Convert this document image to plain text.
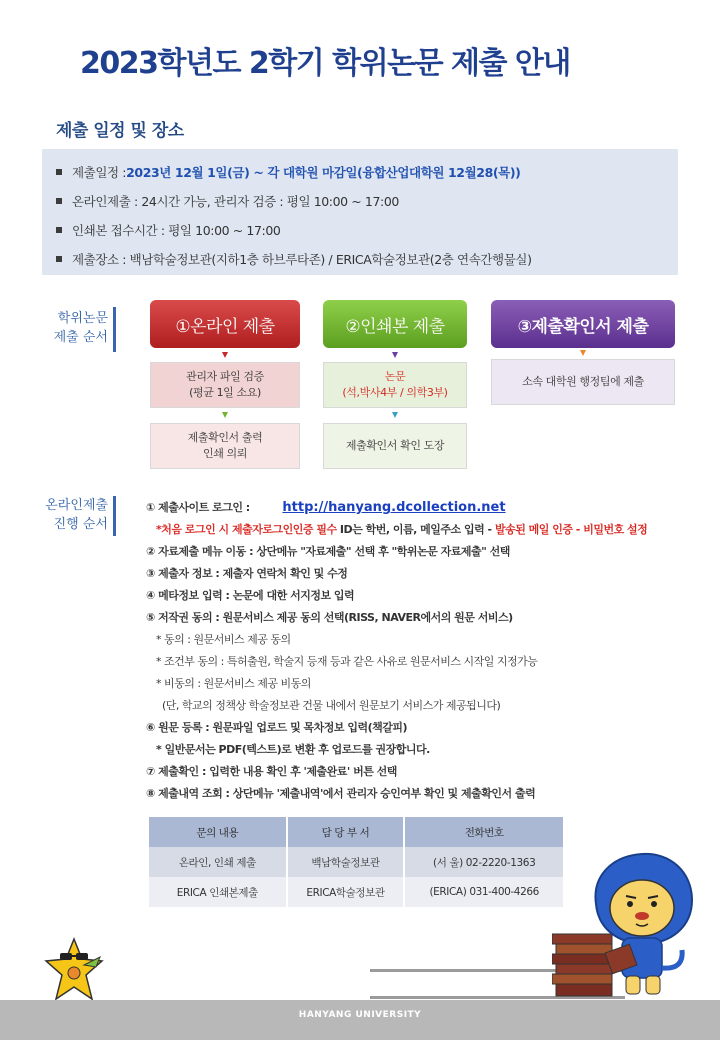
2023학년도 2학기 학위논문 제출 안내
제출 일정 및 장소
제출일정 : 2023년 12월 1일(금) ~ 각 대학원 마감일(융합산업대학원 12월28(목))
온라인제출 : 24시간 가능, 관리자 검증 : 평일 10:00 ~ 17:00
인쇄본 접수시간 : 평일 10:00 ~ 17:00
제출장소 : 백남학술정보관(지하1층 하브루타존) / ERICA학술정보관(2층 연속간행물실)
학위논문
제출 순서
①온라인 제출	②인쇄본 제출	③제출확인서 제출
관리자 파일 검증
(평균 1일 소요)
논문
(석,박사4부 / 의학3부)
소속 대학원 행정팀에 제출
제출확인서 출력
인쇄 의뢰
제출확인서 확인 도장
온라인제출
진행 순서
① 제출사이트 로그인 :	http://hanyang.dcollection.net
*처음 로그인 시 제출자로그인인증 필수 ID는 학번, 이름, 메일주소 입력 - 발송된 메일 인증 - 비밀번호 설정
② 자료제출 메뉴 이동 : 상단메뉴 "자료제출" 선택 후 "학위논문 자료제출" 선택
③ 제출자 정보 : 제출자 연락처 확인 및 수정
④ 메타정보 입력 : 논문에 대한 서지정보 입력
⑤ 저작권 동의 : 원문서비스 제공 동의 선택(RISS, NAVER에서의 원문 서비스)
* 동의 : 원문서비스 제공 동의
* 조건부 동의 : 특허출원, 학술지 등재 등과 같은 사유로 원문서비스 시작일 지정가능
* 비동의 : 원문서비스 제공 비동의
(단, 학교의 정책상 학술정보관 건물 내에서 원문보기 서비스가 제공됩니다)
⑥ 원문 등록 : 원문파일 업로드 및 목차정보 입력(책갈피)
* 일반문서는 PDF(텍스트)로 변환 후 업로드를 권장합니다.
⑦ 제출확인 : 입력한 내용 확인 후 '제출완료' 버튼 선택
⑧ 제출내역 조회 : 상단메뉴 '제출내역'에서 관리자 승인여부 확인 및 제출확인서 출력
문의 내용	담 당 부 서	전화번호
온라인, 인쇄 제출	백남학술정보관	(서 울) 02-2220-1363
ERICA 인쇄본제출	ERICA학술정보관	(ERICA) 031-400-4266
HANYANG UNIVERSITY
